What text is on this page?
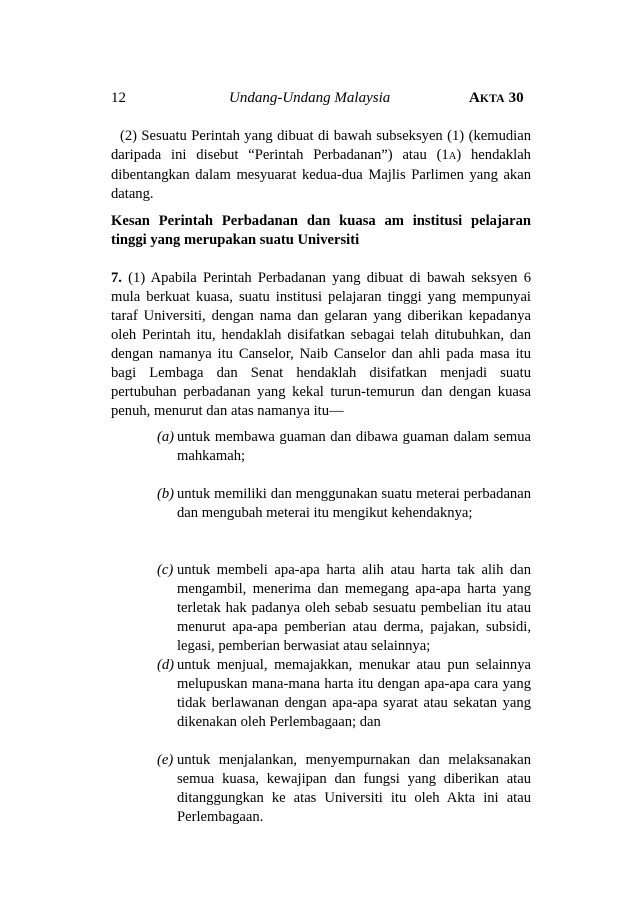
12	Undang-Undang Malaysia	AKTA 30
(2) Sesuatu Perintah yang dibuat di bawah subseksyen (1) (kemudian daripada ini disebut “Perintah Perbadanan”) atau (1A) hendaklah dibentangkan dalam mesyuarat kedua-dua Majlis Parlimen yang akan datang.
Kesan Perintah Perbadanan dan kuasa am institusi pelajaran tinggi yang merupakan suatu Universiti
7. (1) Apabila Perintah Perbadanan yang dibuat di bawah seksyen 6 mula berkuat kuasa, suatu institusi pelajaran tinggi yang mempunyai taraf Universiti, dengan nama dan gelaran yang diberikan kepadanya oleh Perintah itu, hendaklah disifatkan sebagai telah ditubuhkan, dan dengan namanya itu Canselor, Naib Canselor dan ahli pada masa itu bagi Lembaga dan Senat hendaklah disifatkan menjadi suatu pertubuhan perbadanan yang kekal turun-temurun dan dengan kuasa penuh, menurut dan atas namanya itu—
(a) untuk membawa guaman dan dibawa guaman dalam semua mahkamah;
(b) untuk memiliki dan menggunakan suatu meterai perbadanan dan mengubah meterai itu mengikut kehendaknya;
(c) untuk membeli apa-apa harta alih atau harta tak alih dan mengambil, menerima dan memegang apa-apa harta yang terletak hak padanya oleh sebab sesuatu pembelian itu atau menurut apa-apa pemberian atau derma, pajakan, subsidi, legasi, pemberian berwasiat atau selainnya;
(d) untuk menjual, memajakkan, menukar atau pun selainnya melupuskan mana-mana harta itu dengan apa-apa cara yang tidak berlawanan dengan apa-apa syarat atau sekatan yang dikenakan oleh Perlembagaan; dan
(e) untuk menjalankan, menyempurnakan dan melaksanakan semua kuasa, kewajipan dan fungsi yang diberikan atau ditanggungkan ke atas Universiti itu oleh Akta ini atau Perlembagaan.
